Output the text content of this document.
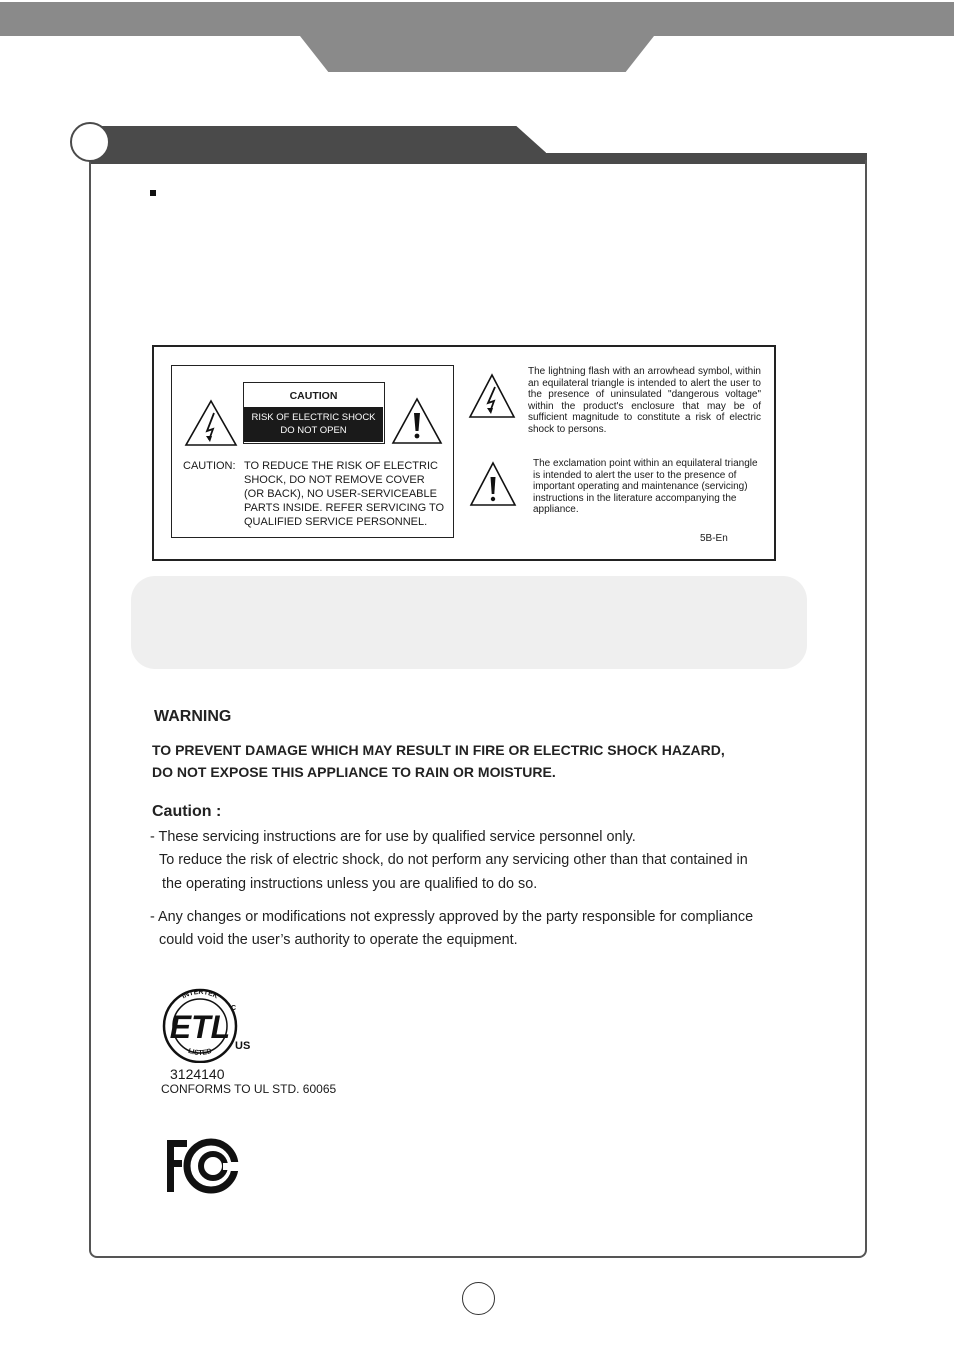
CAUTION
RISK OF ELECTRIC SHOCK
DO NOT OPEN
CAUTION: TO REDUCE THE RISK OF ELECTRIC
SHOCK, DO NOT REMOVE COVER
(OR BACK), NO USER-SERVICEABLE
PARTS INSIDE. REFER SERVICING TO
QUALIFIED SERVICE PERSONNEL.
The lightning flash with an arrowhead symbol, within an equilateral triangle is intended to alert the user to the presence of uninsulated "dangerous voltage" within the product's enclosure that may be of sufficient magnitude to constitute a risk of electric shock to persons.
The exclamation point within an equilateral triangle is intended to alert the user to the presence of important operating and maintenance (servicing) instructions in the literature accompanying the appliance.
5B-En
WARNING
TO PREVENT DAMAGE WHICH MAY RESULT IN FIRE OR ELECTRIC SHOCK HAZARD,
DO NOT EXPOSE THIS APPLIANCE TO RAIN OR MOISTURE.
Caution :
- These servicing instructions are for use by qualified service personnel only.
To reduce the risk of electric shock, do not perform any servicing other than that contained in
the operating instructions unless you are qualified to do so.
- Any changes or modifications not expressly approved by the party responsible for compliance
could void the user’s authority to operate the equipment.
INTERTEK
LISTED
ETL
C
US
3124140
CONFORMS TO UL STD. 60065
FC
